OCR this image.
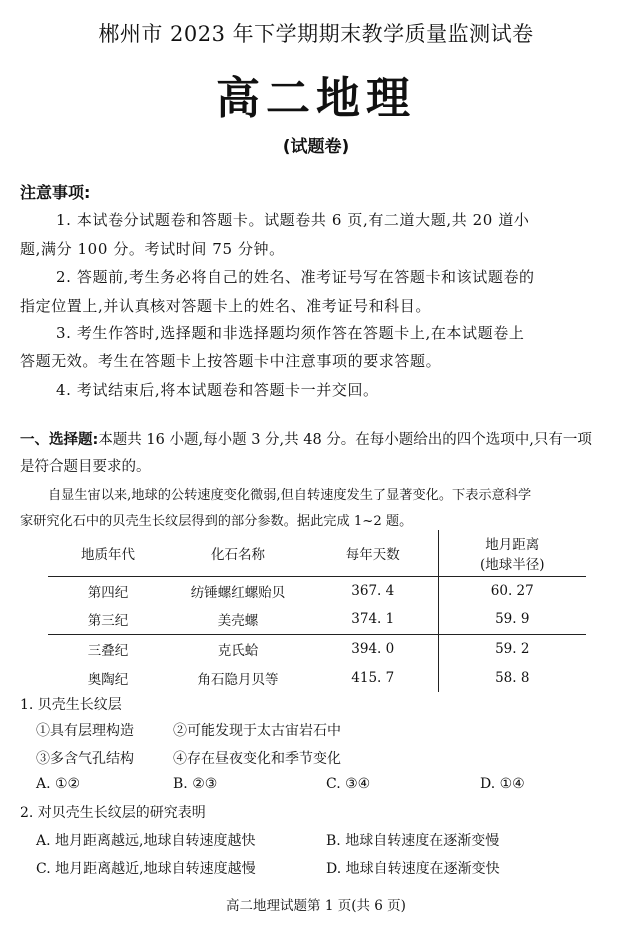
郴州市 2023 年下学期期末教学质量监测试卷
高二地理
(试题卷)
注意事项:
1. 本试卷分试题卷和答题卡。试题卷共 6 页,有二道大题,共 20 道小
题,满分 100 分。考试时间 75 分钟。
2. 答题前,考生务必将自己的姓名、准考证号写在答题卡和该试题卷的
指定位置上,并认真核对答题卡上的姓名、准考证号和科目。
3. 考生作答时,选择题和非选择题均须作答在答题卡上,在本试题卷上
答题无效。考生在答题卡上按答题卡中注意事项的要求答题。
4. 考试结束后,将本试题卷和答题卡一并交回。
一、选择题:本题共 16 小题,每小题 3 分,共 48 分。在每小题给出的四个选项中,只有一项
是符合题目要求的。
自显生宙以来,地球的公转速度变化微弱,但自转速度发生了显著变化。下表示意科学
家研究化石中的贝壳生长纹层得到的部分参数。据此完成 1~2 题。
地质年代	化石名称	每年天数	地月距离
(地球半径)

第四纪	纺锤螺红螺贻贝	367. 4	60. 27
第三纪	美壳螺	374. 1	59. 9
三叠纪	克氏蛤	394. 0	59. 2
奥陶纪	角石隐月贝等	415. 7	58. 8
1. 贝壳生长纹层
①具有层理构造	②可能发现于太古宙岩石中
③多含气孔结构	④存在昼夜变化和季节变化
A. ①②	B. ②③	C. ③④	D. ①④
2. 对贝壳生长纹层的研究表明
A. 地月距离越远,地球自转速度越快	B. 地球自转速度在逐渐变慢
C. 地月距离越近,地球自转速度越慢	D. 地球自转速度在逐渐变快
高二地理试题第 1 页(共 6 页)
